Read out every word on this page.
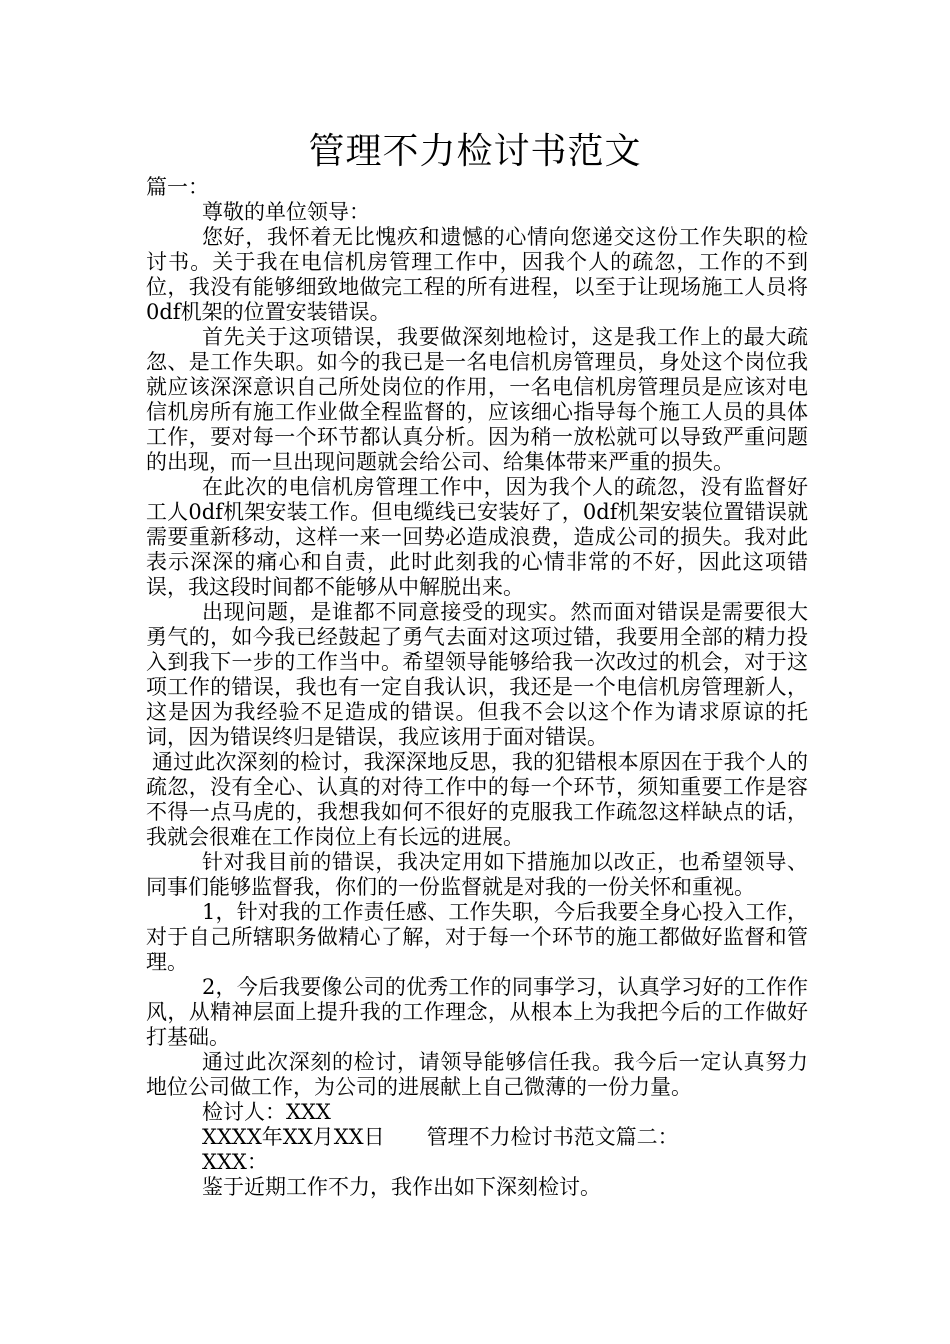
管理不力检讨书范文

篇一：

尊敬的单位领导：

您好，我怀着无比愧疚和遗憾的心情向您递交这份工作失职的检讨书。关于我在电信机房管理工作中，因我个人的疏忽，工作的不到位，我没有能够细致地做完工程的所有进程，以至于让现场施工人员将0df机架的位置安装错误。

首先关于这项错误，我要做深刻地检讨，这是我工作上的最大疏忽、是工作失职。如今的我已是一名电信机房管理员，身处这个岗位我就应该深深意识自己所处岗位的作用，一名电信机房管理员是应该对电信机房所有施工作业做全程监督的，应该细心指导每个施工人员的具体工作，要对每一个环节都认真分析。因为稍一放松就可以导致严重问题的出现，而一旦出现问题就会给公司、给集体带来严重的损失。

在此次的电信机房管理工作中，因为我个人的疏忽，没有监督好工人0df机架安装工作。但电缆线已安装好了，0df机架安装位置错误就需要重新移动，这样一来一回势必造成浪费，造成公司的损失。我对此表示深深的痛心和自责，此时此刻我的心情非常的不好，因此这项错误，我这段时间都不能够从中解脱出来。

出现问题，是谁都不同意接受的现实。然而面对错误是需要很大勇气的，如今我已经鼓起了勇气去面对这项过错，我要用全部的精力投入到我下一步的工作当中。希望领导能够给我一次改过的机会，对于这项工作的错误，我也有一定自我认识，我还是一个电信机房管理新人，这是因为我经验不足造成的错误。但我不会以这个作为请求原谅的托词，因为错误终归是错误，我应该用于面对错误。

通过此次深刻的检讨，我深深地反思，我的犯错根本原因在于我个人的疏忽，没有全心、认真的对待工作中的每一个环节，须知重要工作是容不得一点马虎的，我想我如何不很好的克服我工作疏忽这样缺点的话，我就会很难在工作岗位上有长远的进展。

针对我目前的错误，我决定用如下措施加以改正，也希望领导、同事们能够监督我，你们的一份监督就是对我的一份关怀和重视。

1，针对我的工作责任感、工作失职，今后我要全身心投入工作，对于自己所辖职务做精心了解，对于每一个环节的施工都做好监督和管理。

2，今后我要像公司的优秀工作的同事学习，认真学习好的工作作风，从精神层面上提升我的工作理念，从根本上为我把今后的工作做好打基础。

通过此次深刻的检讨，请领导能够信任我。我今后一定认真努力地位公司做工作，为公司的进展献上自己微薄的一份力量。

检讨人：XXX

XXXX年XX月XX日 管理不力检讨书范文篇二：

XXX：

鉴于近期工作不力，我作出如下深刻检讨。
